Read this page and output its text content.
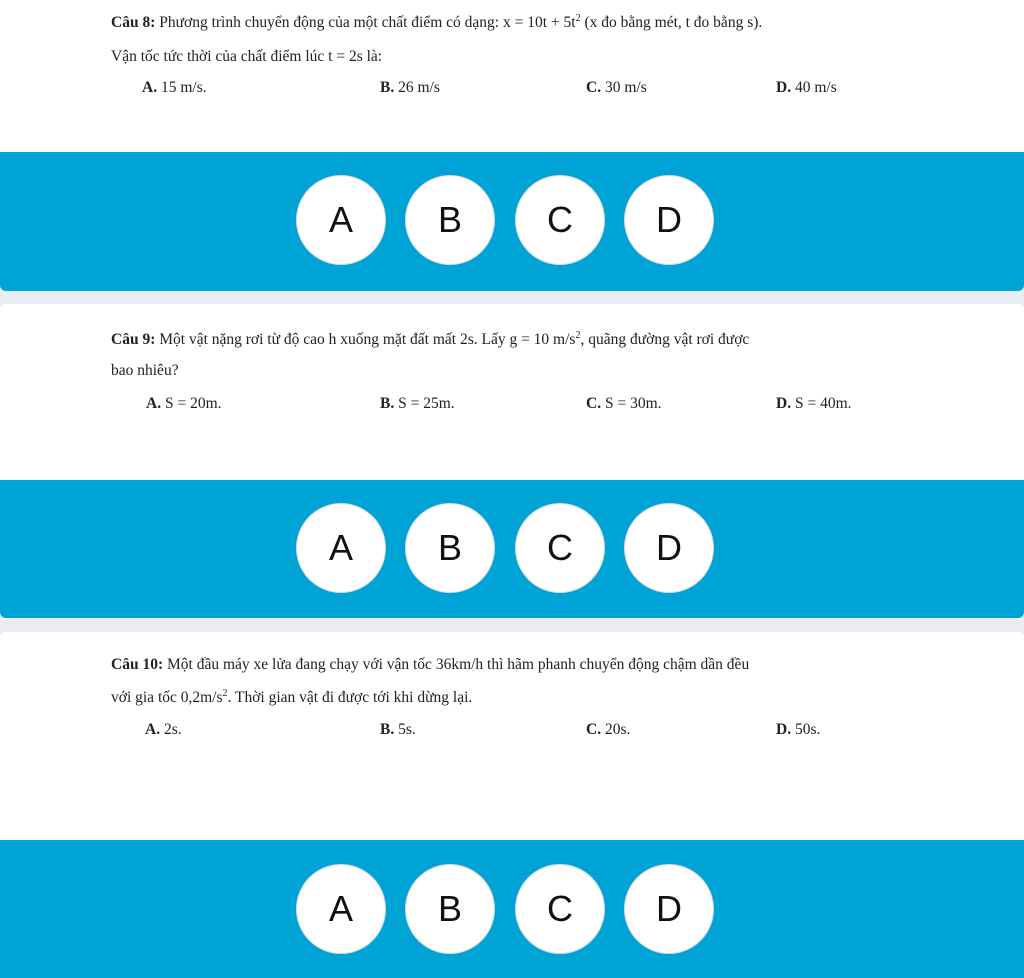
Câu 8: Phương trình chuyển động của một chất điểm có dạng: $x = 10t + 5t^2$ (x đo bằng mét, t đo bằng s).
Vận tốc tức thời của chất điểm lúc t = 2s là:
A. 15 m/s.	B. 26 m/s	C. 30 m/s	D. 40 m/s
A	B	C	D
Câu 9: Một vật nặng rơi từ độ cao h xuống mặt đất mất 2s. Lấy g = 10 $m/s^2$, quãng đường vật rơi được
bao nhiêu?
A. S = 20m.	B. S = 25m.	C. S = 30m.	D. S = 40m.
A	B	C	D
Câu 10: Một đầu máy xe lửa đang chạy với vận tốc 36km/h thì hãm phanh chuyển động chậm dần đều
với gia tốc $0,2m/s^2$. Thời gian vật đi được tới khi dừng lại.
A. 2s.	B. 5s.	C. 20s.	D. 50s.
A	B	C	D
